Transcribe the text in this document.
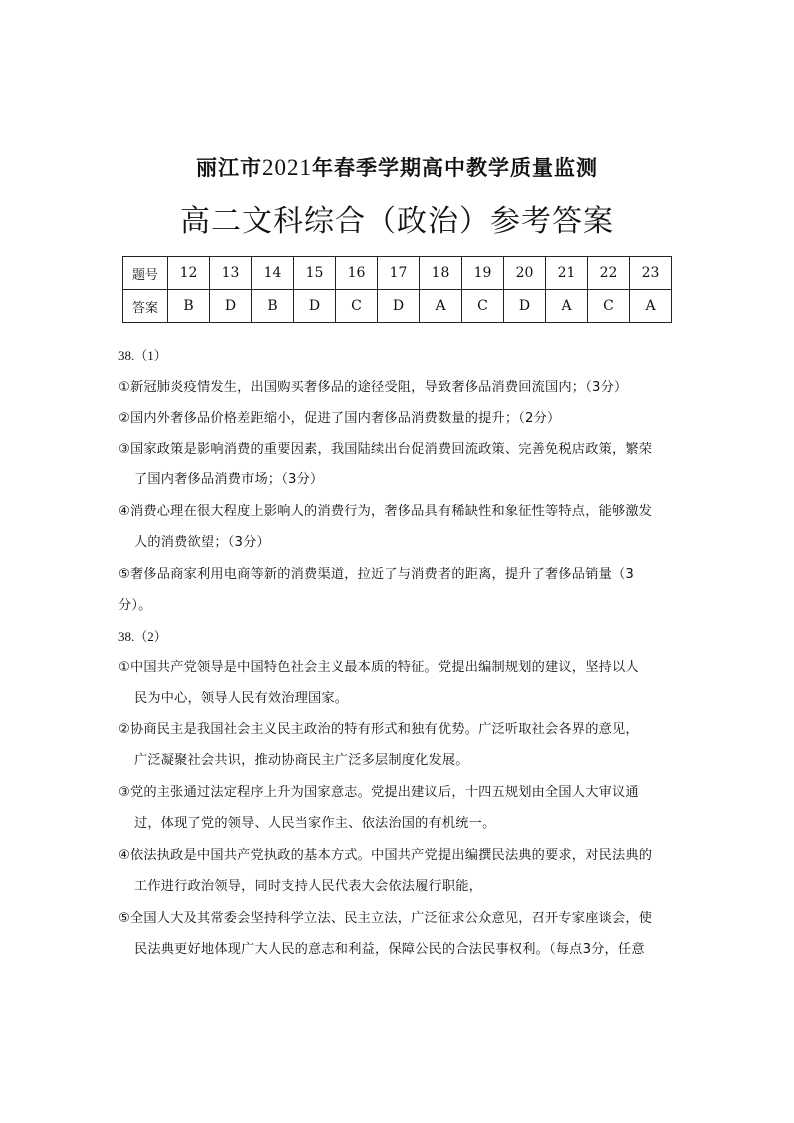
丽江市2021年春季学期高中教学质量监测
高二文科综合（政治）参考答案
题号	12	13	14	15	16	17	18	19	20	21	22	23
答案	B	D	B	D	C	D	A	C	D	A	C	A
38.（1）
①新冠肺炎疫情发生，出国购买奢侈品的途径受阻，导致奢侈品消费回流国内；（3分）
②国内外奢侈品价格差距缩小，促进了国内奢侈品消费数量的提升；（2分）
③国家政策是影响消费的重要因素，我国陆续出台促消费回流政策、完善免税店政策，繁荣
了国内奢侈品消费市场；（3分）
④消费心理在很大程度上影响人的消费行为，奢侈品具有稀缺性和象征性等特点，能够激发
人的消费欲望；（3分）
⑤奢侈品商家利用电商等新的消费渠道，拉近了与消费者的距离，提升了奢侈品销量（3
分）。
38.（2）
①中国共产党领导是中国特色社会主义最本质的特征。党提出编制规划的建议，坚持以人
民为中心，领导人民有效治理国家。
②协商民主是我国社会主义民主政治的特有形式和独有优势。广泛听取社会各界的意见，
广泛凝聚社会共识，推动协商民主广泛多层制度化发展。
③党的主张通过法定程序上升为国家意志。党提出建议后，十四五规划由全国人大审议通
过，体现了党的领导、人民当家作主、依法治国的有机统一。
④依法执政是中国共产党执政的基本方式。中国共产党提出编撰民法典的要求，对民法典的
工作进行政治领导，同时支持人民代表大会依法履行职能，
⑤全国人大及其常委会坚持科学立法、民主立法，广泛征求公众意见，召开专家座谈会，使
民法典更好地体现广大人民的意志和利益，保障公民的合法民事权利。（每点3分，任意
